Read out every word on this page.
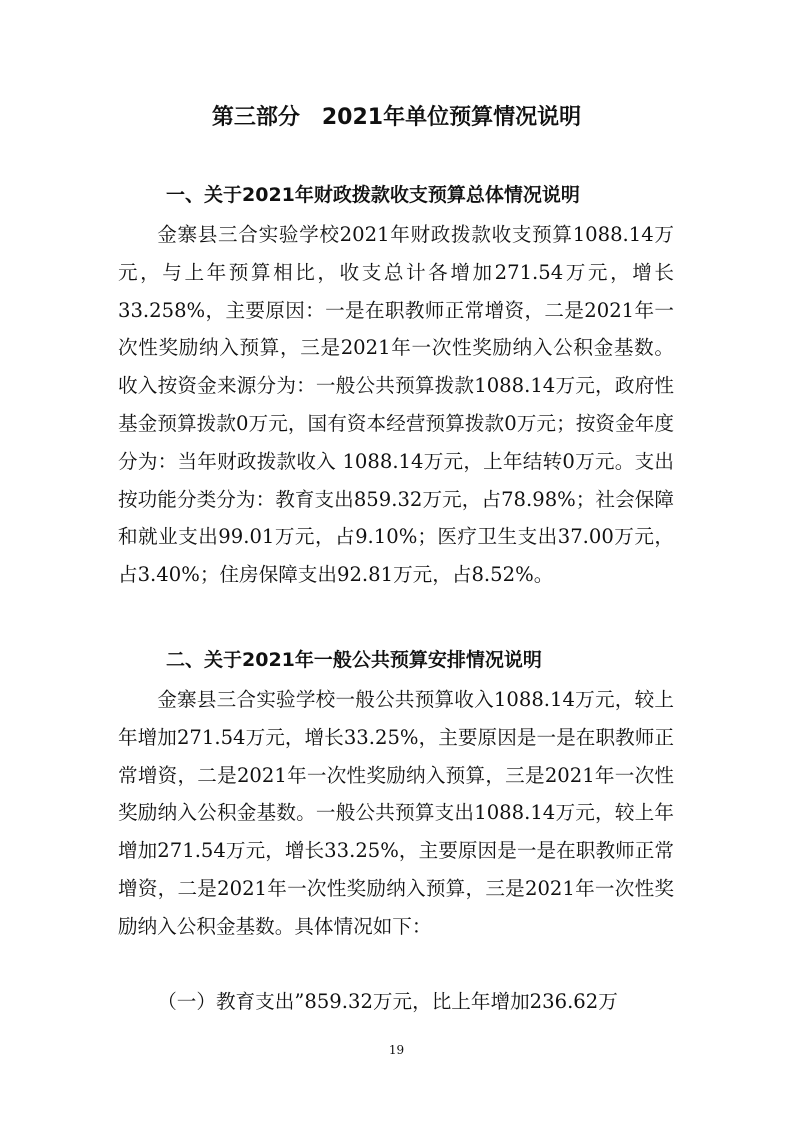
第三部分　2021年单位预算情况说明
一、关于2021年财政拨款收支预算总体情况说明
金寨县三合实验学校2021年财政拨款收支预算1088.14万元，与上年预算相比，收支总计各增加271.54万元，增长33.258%，主要原因：一是在职教师正常增资，二是2021年一次性奖励纳入预算，三是2021年一次性奖励纳入公积金基数。收入按资金来源分为：一般公共预算拨款1088.14万元，政府性基金预算拨款0万元，国有资本经营预算拨款0万元；按资金年度分为：当年财政拨款收入 1088.14万元，上年结转0万元。支出按功能分类分为：教育支出859.32万元，占78.98%；社会保障和就业支出99.01万元，占9.10%；医疗卫生支出37.00万元，占3.40%；住房保障支出92.81万元，占8.52%。
二、关于2021年一般公共预算安排情况说明
金寨县三合实验学校一般公共预算收入1088.14万元，较上年增加271.54万元，增长33.25%，主要原因是一是在职教师正常增资，二是2021年一次性奖励纳入预算，三是2021年一次性奖励纳入公积金基数。一般公共预算支出1088.14万元，较上年增加271.54万元，增长33.25%，主要原因是一是在职教师正常增资，二是2021年一次性奖励纳入预算，三是2021年一次性奖励纳入公积金基数。具体情况如下：
（一）教育支出”859.32万元，比上年增加236.62万
19
